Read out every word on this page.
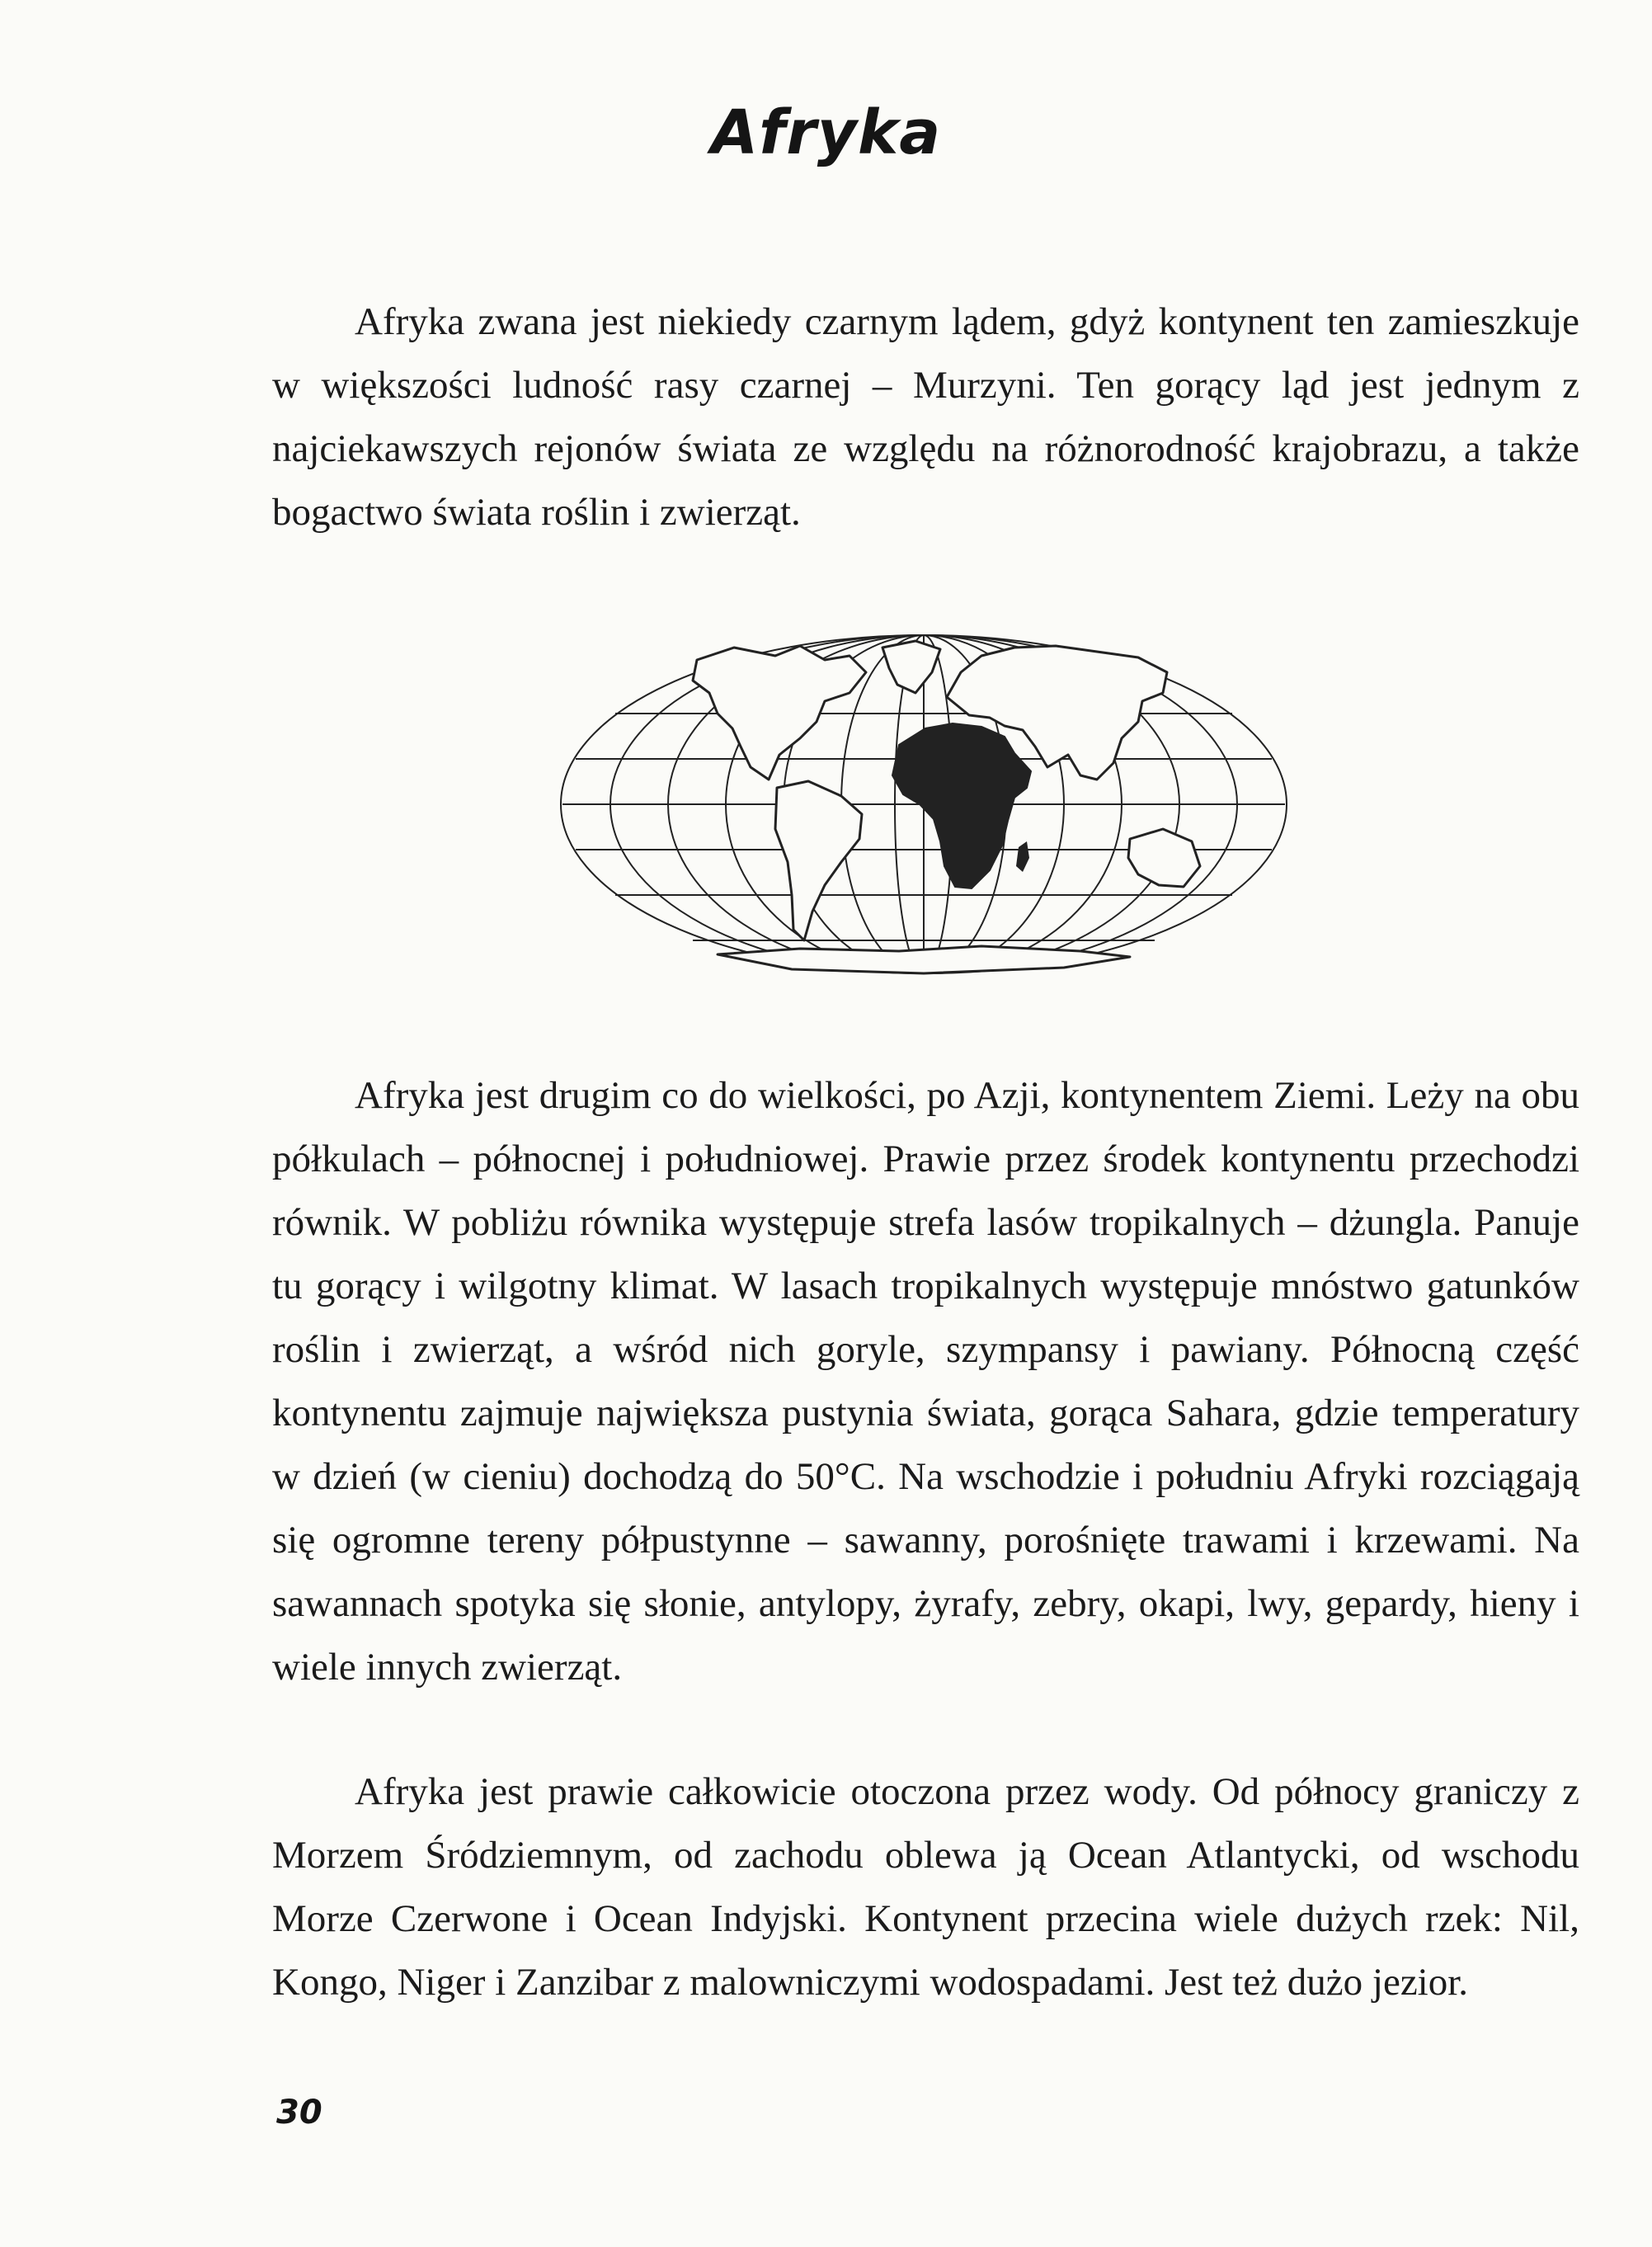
Afryka

Afryka zwana jest niekiedy czarnym lądem, gdyż kontynent ten zamieszkuje w większości ludność rasy czarnej – Murzyni. Ten gorący ląd jest jednym z najciekawszych rejonów świata ze względu na różnorodność krajobrazu, a także bogactwo świata roślin i zwierząt.

Afryka jest drugim co do wielkości, po Azji, kontynentem Ziemi. Leży na obu półkulach – północnej i południowej. Prawie przez środek kontynentu przechodzi równik. W pobliżu równika występuje strefa lasów tropikalnych – dżungla. Panuje tu gorący i wilgotny klimat. W lasach tropikalnych występuje mnóstwo gatunków roślin i zwierząt, a wśród nich goryle, szympansy i pawiany. Północną część kontynentu zajmuje największa pustynia świata, gorąca Sahara, gdzie temperatury w dzień (w cieniu) dochodzą do 50°C. Na wschodzie i południu Afryki rozciągają się ogromne tereny półpustynne – sawanny, porośnięte trawami i krzewami. Na sawannach spotyka się słonie, antylopy, żyrafy, zebry, okapi, lwy, gepardy, hieny i wiele innych zwierząt.

Afryka jest prawie całkowicie otoczona przez wody. Od północy graniczy z Morzem Śródziemnym, od zachodu oblewa ją Ocean Atlantycki, od wschodu Morze Czerwone i Ocean Indyjski. Kontynent przecina wiele dużych rzek: Nil, Kongo, Niger i Zanzibar z malowniczymi wodospadami. Jest też dużo jezior.

30
